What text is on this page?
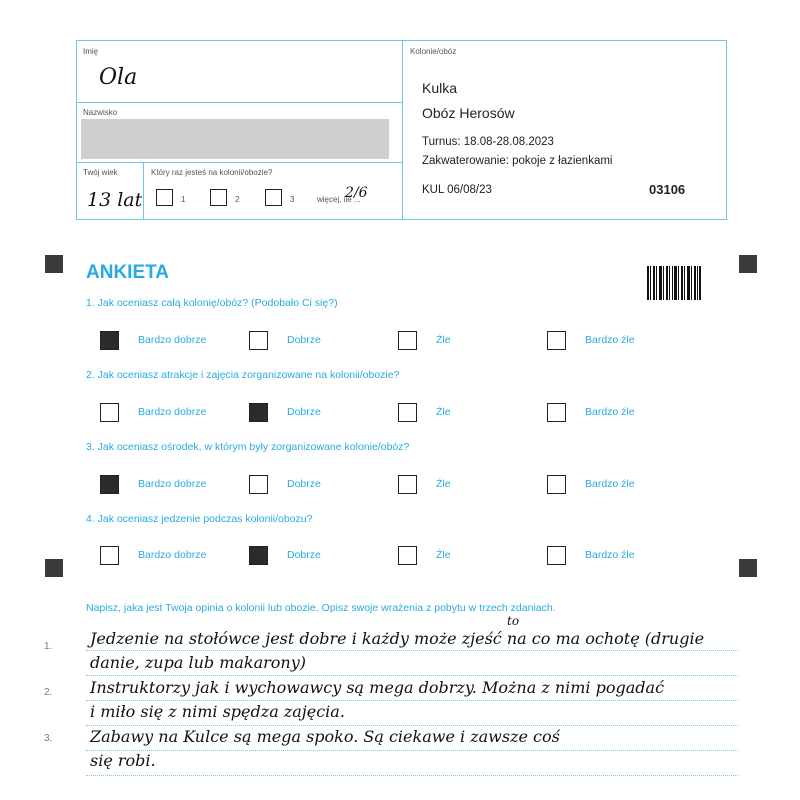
Imię
Ola
Nazwisko
Twój wiek
13 lat
Który raz jesteś na kolonii/obozie?
1	2	3	więcej, ile ...
2/6
Kolonie/obóz
Kulka
Obóz Herosów
Turnus: 18.08-28.08.2023
Zakwaterowanie: pokoje z łazienkami
KUL 06/08/23	03106
ANKIETA
1. Jak oceniasz całą kolonię/obóz? (Podobało Ci się?)
Bardzo dobrze	Dobrze	Źle	Bardzo źle
2. Jak oceniasz atrakcje i zajęcia zorganizowane na kolonii/obozie?
Bardzo dobrze	Dobrze	Źle	Bardzo źle
3. Jak oceniasz ośrodek, w którym były zorganizowane kolonie/obóz?
Bardzo dobrze	Dobrze	Źle	Bardzo źle
4. Jak oceniasz jedzenie podczas kolonii/obozu?
Bardzo dobrze	Dobrze	Źle	Bardzo źle
Napisz, jaka jest Twoja opinia o kolonii lub obozie. Opisz swoje wrażenia z pobytu w trzech zdaniach.
1.
2.
3.
Jedzenie na stołówce jest dobre i każdy może zjeść na co ma ochotę (drugie
danie, zupa lub makarony)
Instruktorzy jak i wychowawcy są mega dobrzy. Można z nimi pogadać
i miło się z nimi spędza zajęcia.
Zabawy na Kulce są mega spoko. Są ciekawe i zawsze coś
się robi.
to
